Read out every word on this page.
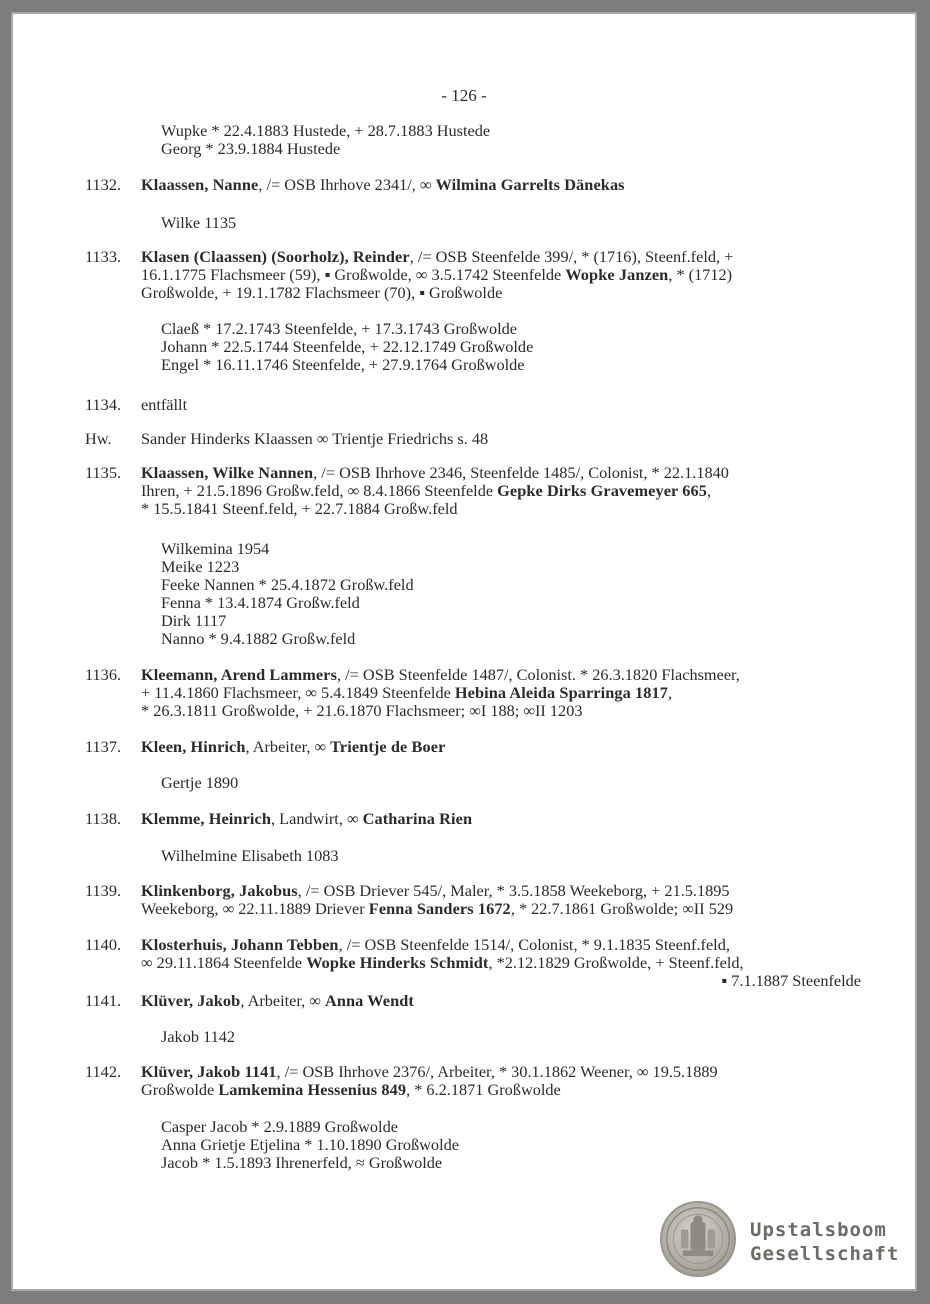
- 126 -
Wupke * 22.4.1883 Hustede, + 28.7.1883 Hustede
Georg * 23.9.1884 Hustede
1132.	Klaassen, Nanne, /= OSB Ihrhove 2341/, ∞ Wilmina Garrelts Dänekas
Wilke 1135
1133.	Klasen (Claassen) (Soorholz), Reinder, /= OSB Steenfelde 399/, * (1716), Steenf.feld, +
16.1.1775 Flachsmeer (59), ▪ Großwolde, ∞ 3.5.1742 Steenfelde Wopke Janzen, * (1712)
Großwolde, + 19.1.1782 Flachsmeer (70), ▪ Großwolde
Claeß * 17.2.1743 Steenfelde, + 17.3.1743 Großwolde
Johann * 22.5.1744 Steenfelde, + 22.12.1749 Großwolde
Engel * 16.11.1746 Steenfelde, + 27.9.1764 Großwolde
1134.	entfällt
Hw.	Sander Hinderks Klaassen ∞ Trientje Friedrichs s. 48
1135.	Klaassen, Wilke Nannen, /= OSB Ihrhove 2346, Steenfelde 1485/, Colonist, * 22.1.1840
Ihren, + 21.5.1896 Großw.feld, ∞ 8.4.1866 Steenfelde Gepke Dirks Gravemeyer 665,
* 15.5.1841 Steenf.feld, + 22.7.1884 Großw.feld
Wilkemina 1954
Meike 1223
Feeke Nannen * 25.4.1872 Großw.feld
Fenna * 13.4.1874 Großw.feld
Dirk 1117
Nanno * 9.4.1882 Großw.feld
1136.	Kleemann, Arend Lammers, /= OSB Steenfelde 1487/, Colonist. * 26.3.1820 Flachsmeer,
+ 11.4.1860 Flachsmeer, ∞ 5.4.1849 Steenfelde Hebina Aleida Sparringa 1817,
* 26.3.1811 Großwolde, + 21.6.1870 Flachsmeer; ∞I 188; ∞II 1203
1137.	Kleen, Hinrich, Arbeiter, ∞ Trientje de Boer
Gertje 1890
1138.	Klemme, Heinrich, Landwirt, ∞ Catharina Rien
Wilhelmine Elisabeth 1083
1139.	Klinkenborg, Jakobus, /= OSB Driever 545/, Maler, * 3.5.1858 Weekeborg, + 21.5.1895
Weekeborg, ∞ 22.11.1889 Driever Fenna Sanders 1672, * 22.7.1861 Großwolde; ∞II 529
1140.	Klosterhuis, Johann Tebben, /= OSB Steenfelde 1514/, Colonist, * 9.1.1835 Steenf.feld,
∞ 29.11.1864 Steenfelde Wopke Hinderks Schmidt, *2.12.1829 Großwolde, + Steenf.feld,
▪ 7.1.1887 Steenfelde
1141.	Klüver, Jakob, Arbeiter, ∞ Anna Wendt
Jakob 1142
1142.	Klüver, Jakob 1141, /= OSB Ihrhove 2376/, Arbeiter, * 30.1.1862 Weener, ∞ 19.5.1889
Großwolde Lamkemina Hessenius 849, * 6.2.1871 Großwolde
Casper Jacob * 2.9.1889 Großwolde
Anna Grietje Etjelina * 1.10.1890 Großwolde
Jacob * 1.5.1893 Ihrenerfeld, ≈ Großwolde
Upstalsboom
Gesellschaft
